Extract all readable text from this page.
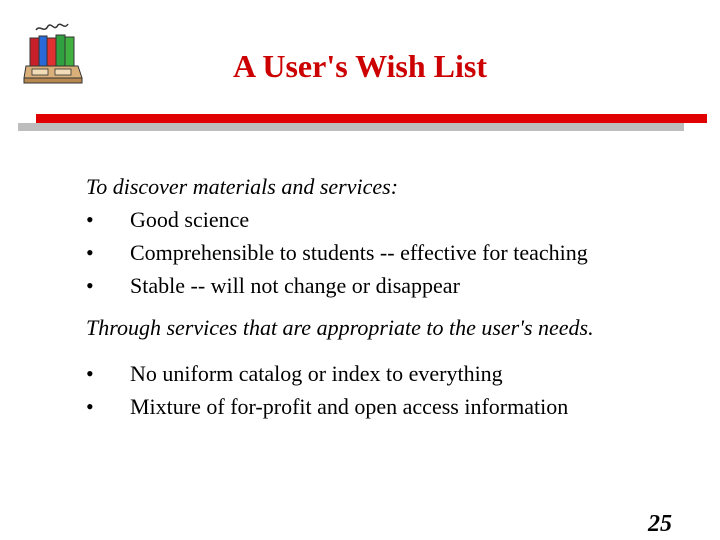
A User's Wish List
To discover materials and services:
• Good science
• Comprehensible to students -- effective for teaching
• Stable -- will not change or disappear
Through services that are appropriate to the user's needs.
• No uniform catalog or index to everything
• Mixture of for-profit and open access information
25
